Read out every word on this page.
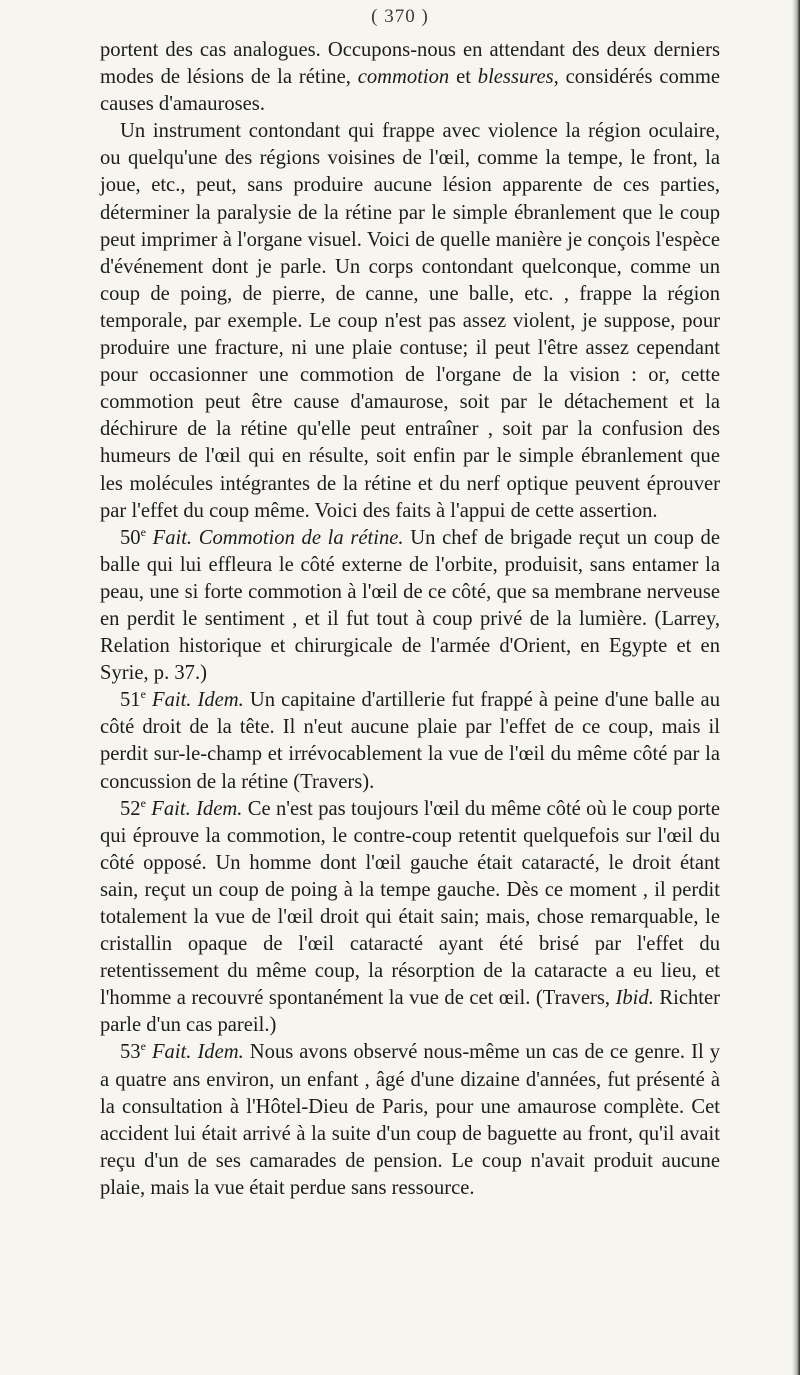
( 370 )

portent des cas analogues. Occupons-nous en attendant des deux derniers modes de lésions de la rétine, commotion et blessures, considérés comme causes d'amauroses.

Un instrument contondant qui frappe avec violence la région oculaire, ou quelqu'une des régions voisines de l'œil, comme la tempe, le front, la joue, etc., peut, sans produire aucune lésion apparente de ces parties, déterminer la paralysie de la rétine par le simple ébranlement que le coup peut imprimer à l'organe visuel. Voici de quelle manière je conçois l'espèce d'événement dont je parle. Un corps contondant quelconque, comme un coup de poing, de pierre, de canne, une balle, etc. , frappe la région temporale, par exemple. Le coup n'est pas assez violent, je suppose, pour produire une fracture, ni une plaie contuse; il peut l'être assez cependant pour occasionner une commotion de l'organe de la vision : or, cette commotion peut être cause d'amaurose, soit par le détachement et la déchirure de la rétine qu'elle peut entraîner , soit par la confusion des humeurs de l'œil qui en résulte, soit enfin par le simple ébranlement que les molécules intégrantes de la rétine et du nerf optique peuvent éprouver par l'effet du coup même. Voici des faits à l'appui de cette assertion.

50e Fait. Commotion de la rétine. Un chef de brigade reçut un coup de balle qui lui effleura le côté externe de l'orbite, produisit, sans entamer la peau, une si forte commotion à l'œil de ce côté, que sa membrane nerveuse en perdit le sentiment , et il fut tout à coup privé de la lumière. (Larrey, Relation historique et chirurgicale de l'armée d'Orient, en Egypte et en Syrie, p. 37.)

51e Fait. Idem. Un capitaine d'artillerie fut frappé à peine d'une balle au côté droit de la tête. Il n'eut aucune plaie par l'effet de ce coup, mais il perdit sur-le-champ et irrévocablement la vue de l'œil du même côté par la concussion de la rétine (Travers).

52e Fait. Idem. Ce n'est pas toujours l'œil du même côté où le coup porte qui éprouve la commotion, le contre-coup retentit quelquefois sur l'œil du côté opposé. Un homme dont l'œil gauche était cataracté, le droit étant sain, reçut un coup de poing à la tempe gauche. Dès ce moment , il perdit totalement la vue de l'œil droit qui était sain; mais, chose remarquable, le cristallin opaque de l'œil cataracté ayant été brisé par l'effet du retentissement du même coup, la résorption de la cataracte a eu lieu, et l'homme a recouvré spontanément la vue de cet œil. (Travers, Ibid. Richter parle d'un cas pareil.)

53e Fait. Idem. Nous avons observé nous-même un cas de ce genre. Il y a quatre ans environ, un enfant , âgé d'une dizaine d'années, fut présenté à la consultation à l'Hôtel-Dieu de Paris, pour une amaurose complète. Cet accident lui était arrivé à la suite d'un coup de baguette au front, qu'il avait reçu d'un de ses camarades de pension. Le coup n'avait produit aucune plaie, mais la vue était perdue sans ressource.
